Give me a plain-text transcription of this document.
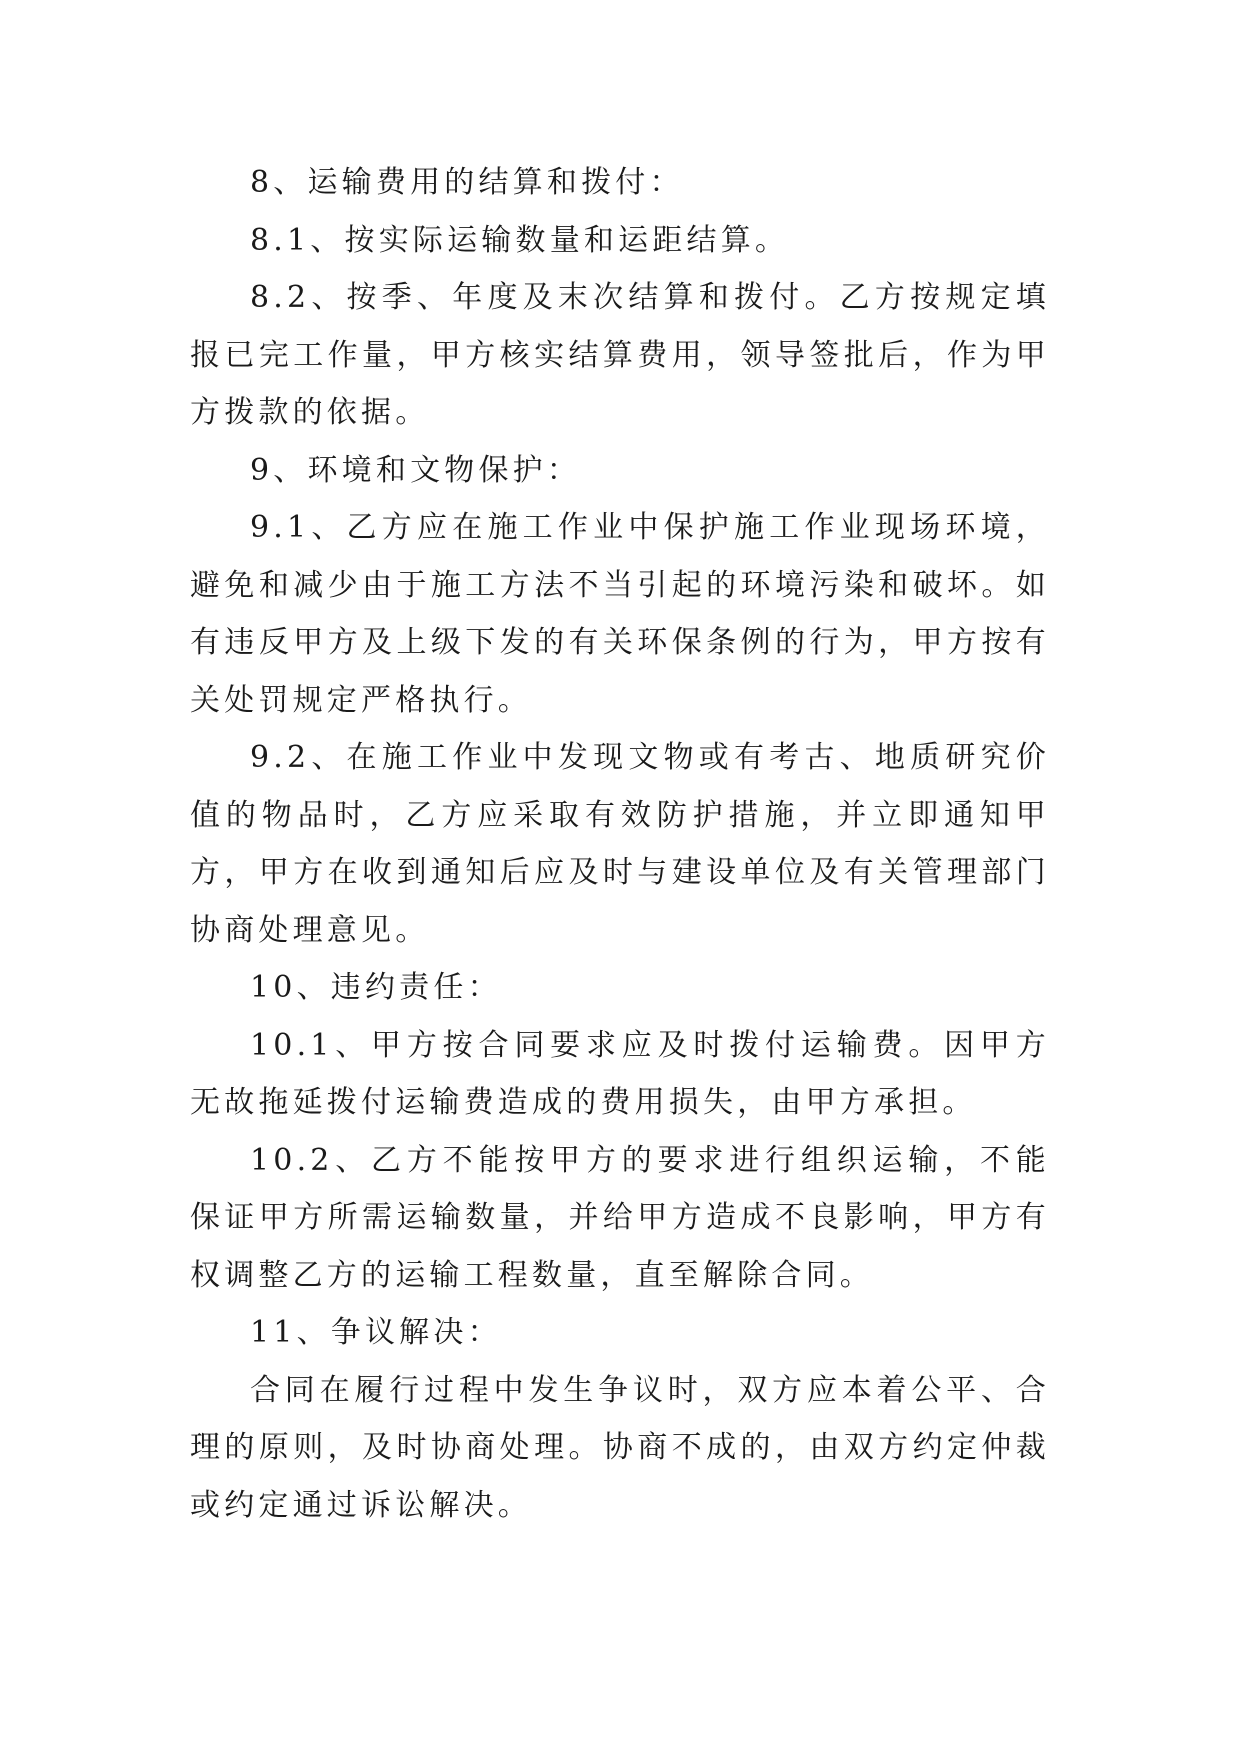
8、运输费用的结算和拨付：

8.1、按实际运输数量和运距结算。

8.2、按季、年度及末次结算和拨付。乙方按规定填报已完工作量，甲方核实结算费用，领导签批后，作为甲方拨款的依据。

9、环境和文物保护：

9.1、乙方应在施工作业中保护施工作业现场环境，避免和减少由于施工方法不当引起的环境污染和破坏。如有违反甲方及上级下发的有关环保条例的行为，甲方按有关处罚规定严格执行。

9.2、在施工作业中发现文物或有考古、地质研究价值的物品时，乙方应采取有效防护措施，并立即通知甲方，甲方在收到通知后应及时与建设单位及有关管理部门协商处理意见。

10、违约责任：

10.1、甲方按合同要求应及时拨付运输费。因甲方无故拖延拨付运输费造成的费用损失，由甲方承担。

10.2、乙方不能按甲方的要求进行组织运输，不能保证甲方所需运输数量，并给甲方造成不良影响，甲方有权调整乙方的运输工程数量，直至解除合同。

11、争议解决：

合同在履行过程中发生争议时，双方应本着公平、合理的原则，及时协商处理。协商不成的，由双方约定仲裁或约定通过诉讼解决。
